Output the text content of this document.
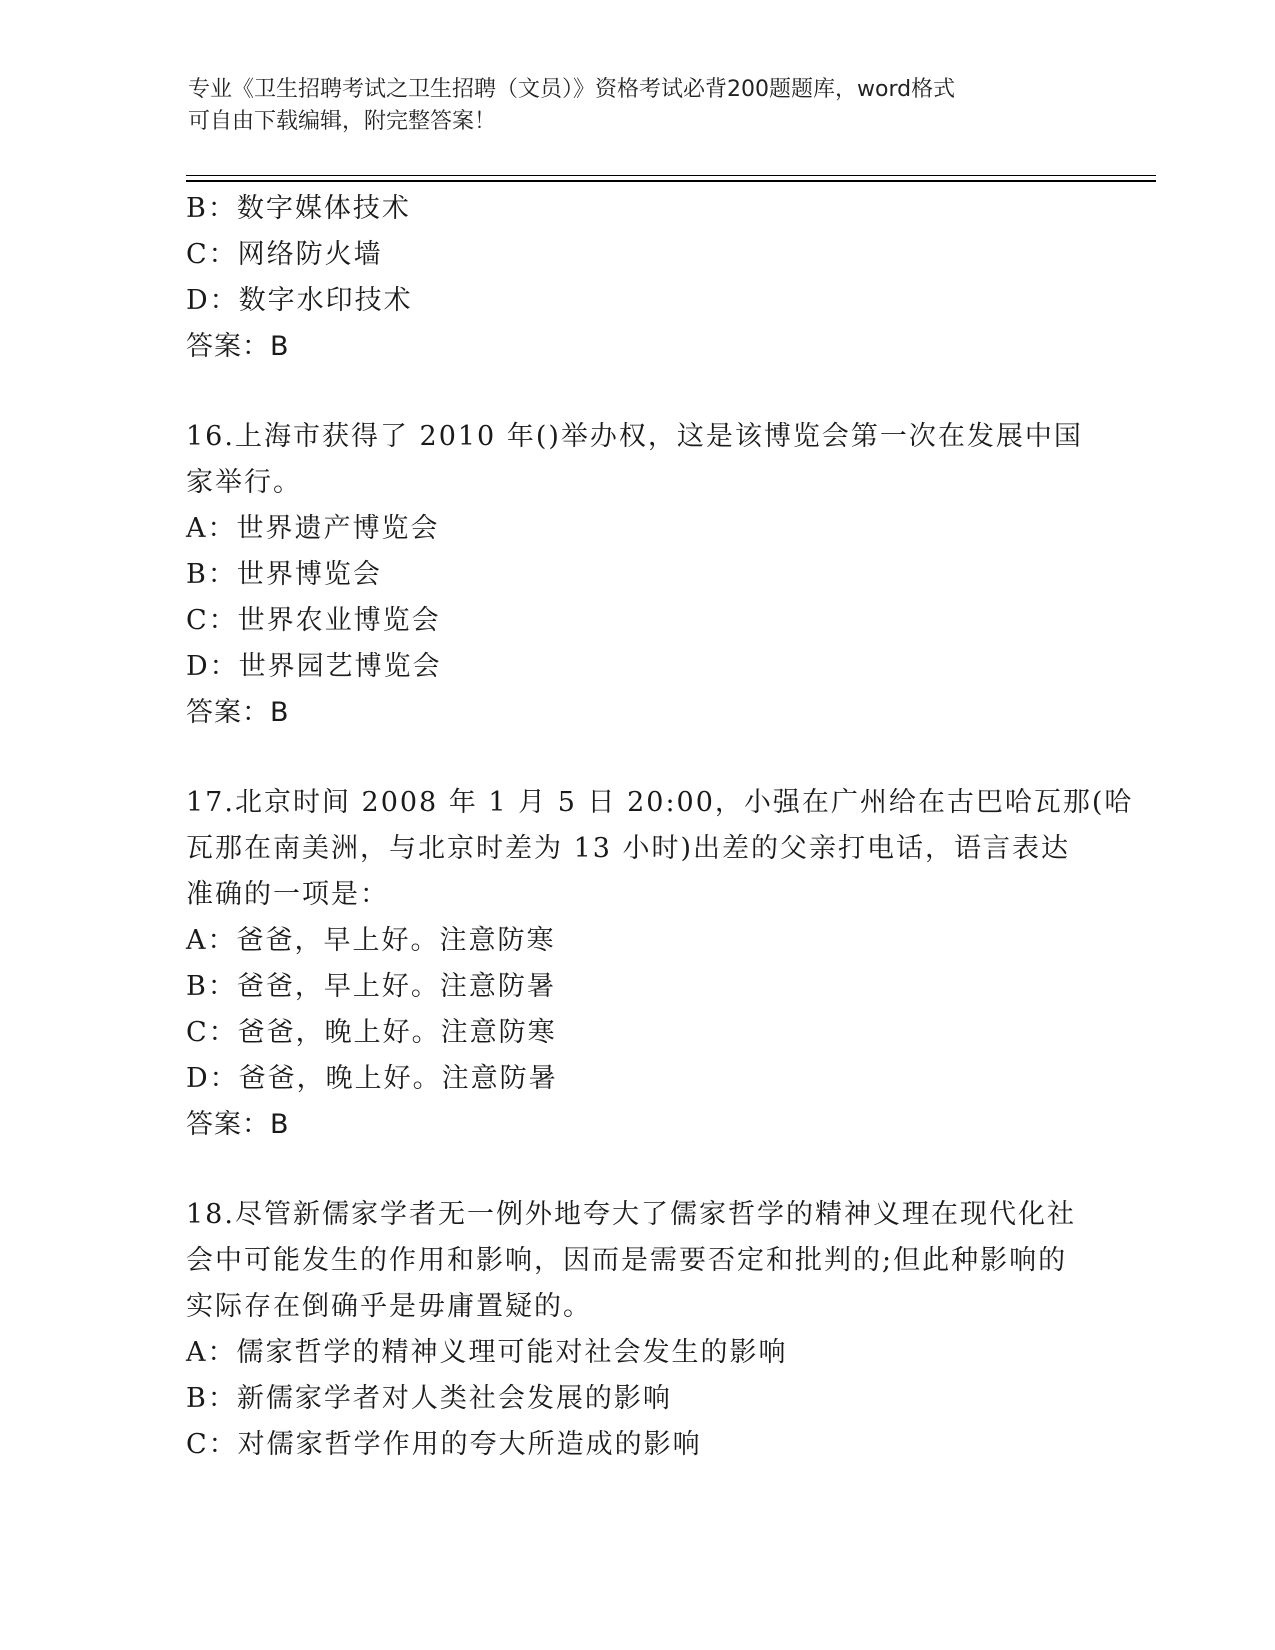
专业《卫生招聘考试之卫生招聘（文员）》资格考试必背200题题库，word格式
可自由下载编辑，附完整答案！
B：数字媒体技术
C：网络防火墙
D：数字水印技术
答案：B
16.上海市获得了 2010 年()举办权，这是该博览会第一次在发展中国
家举行。
A：世界遗产博览会
B：世界博览会
C：世界农业博览会
D：世界园艺博览会
答案：B
17.北京时间 2008 年 1 月 5 日 20:00，小强在广州给在古巴哈瓦那(哈
瓦那在南美洲，与北京时差为 13 小时)出差的父亲打电话，语言表达
准确的一项是：
A：爸爸，早上好。注意防寒
B：爸爸，早上好。注意防暑
C：爸爸，晚上好。注意防寒
D：爸爸，晚上好。注意防暑
答案：B
18.尽管新儒家学者无一例外地夸大了儒家哲学的精神义理在现代化社
会中可能发生的作用和影响，因而是需要否定和批判的;但此种影响的
实际存在倒确乎是毋庸置疑的。
A：儒家哲学的精神义理可能对社会发生的影响
B：新儒家学者对人类社会发展的影响
C：对儒家哲学作用的夸大所造成的影响
